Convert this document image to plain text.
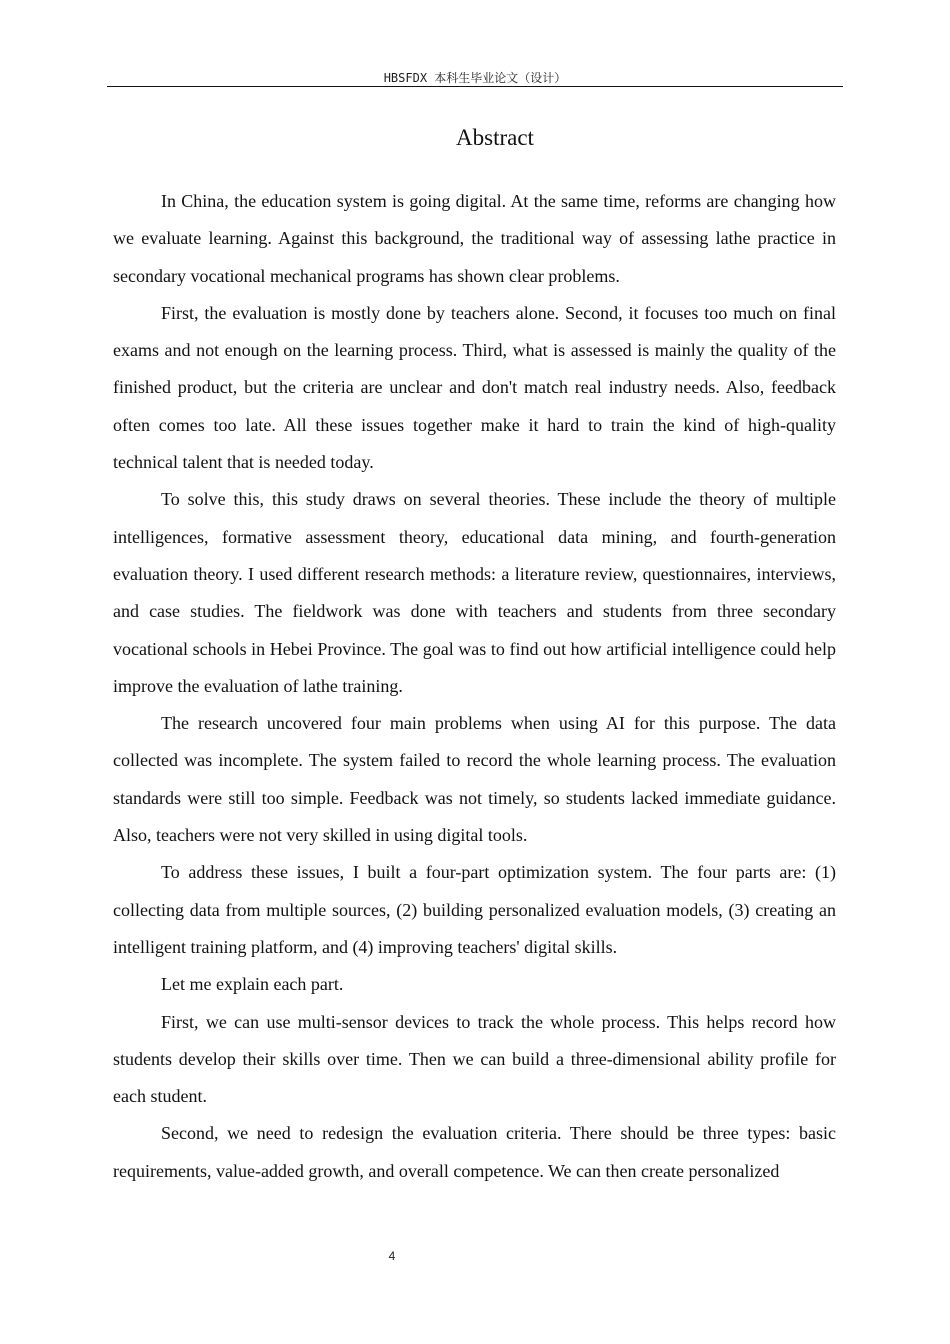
HBSFDX 本科生毕业论文（设计）
Abstract

In China, the education system is going digital. At the same time, reforms are changing how we evaluate learning. Against this background, the traditional way of assessing lathe practice in secondary vocational mechanical programs has shown clear problems.

First, the evaluation is mostly done by teachers alone. Second, it focuses too much on final exams and not enough on the learning process. Third, what is assessed is mainly the quality of the finished product, but the criteria are unclear and don't match real industry needs. Also, feedback often comes too late. All these issues together make it hard to train the kind of high-quality technical talent that is needed today.

To solve this, this study draws on several theories. These include the theory of multiple intelligences, formative assessment theory, educational data mining, and fourth-generation evaluation theory. I used different research methods: a literature review, questionnaires, interviews, and case studies. The fieldwork was done with teachers and students from three secondary vocational schools in Hebei Province. The goal was to find out how artificial intelligence could help improve the evaluation of lathe training.

The research uncovered four main problems when using AI for this purpose. The data collected was incomplete. The system failed to record the whole learning process. The evaluation standards were still too simple. Feedback was not timely, so students lacked immediate guidance. Also, teachers were not very skilled in using digital tools.

To address these issues, I built a four-part optimization system. The four parts are: (1) collecting data from multiple sources, (2) building personalized evaluation models, (3) creating an intelligent training platform, and (4) improving teachers' digital skills.

Let me explain each part.

First, we can use multi-sensor devices to track the whole process. This helps record how students develop their skills over time. Then we can build a three-dimensional ability profile for each student.

Second, we need to redesign the evaluation criteria. There should be three types: basic requirements, value-added growth, and overall competence. We can then create personalized

4
